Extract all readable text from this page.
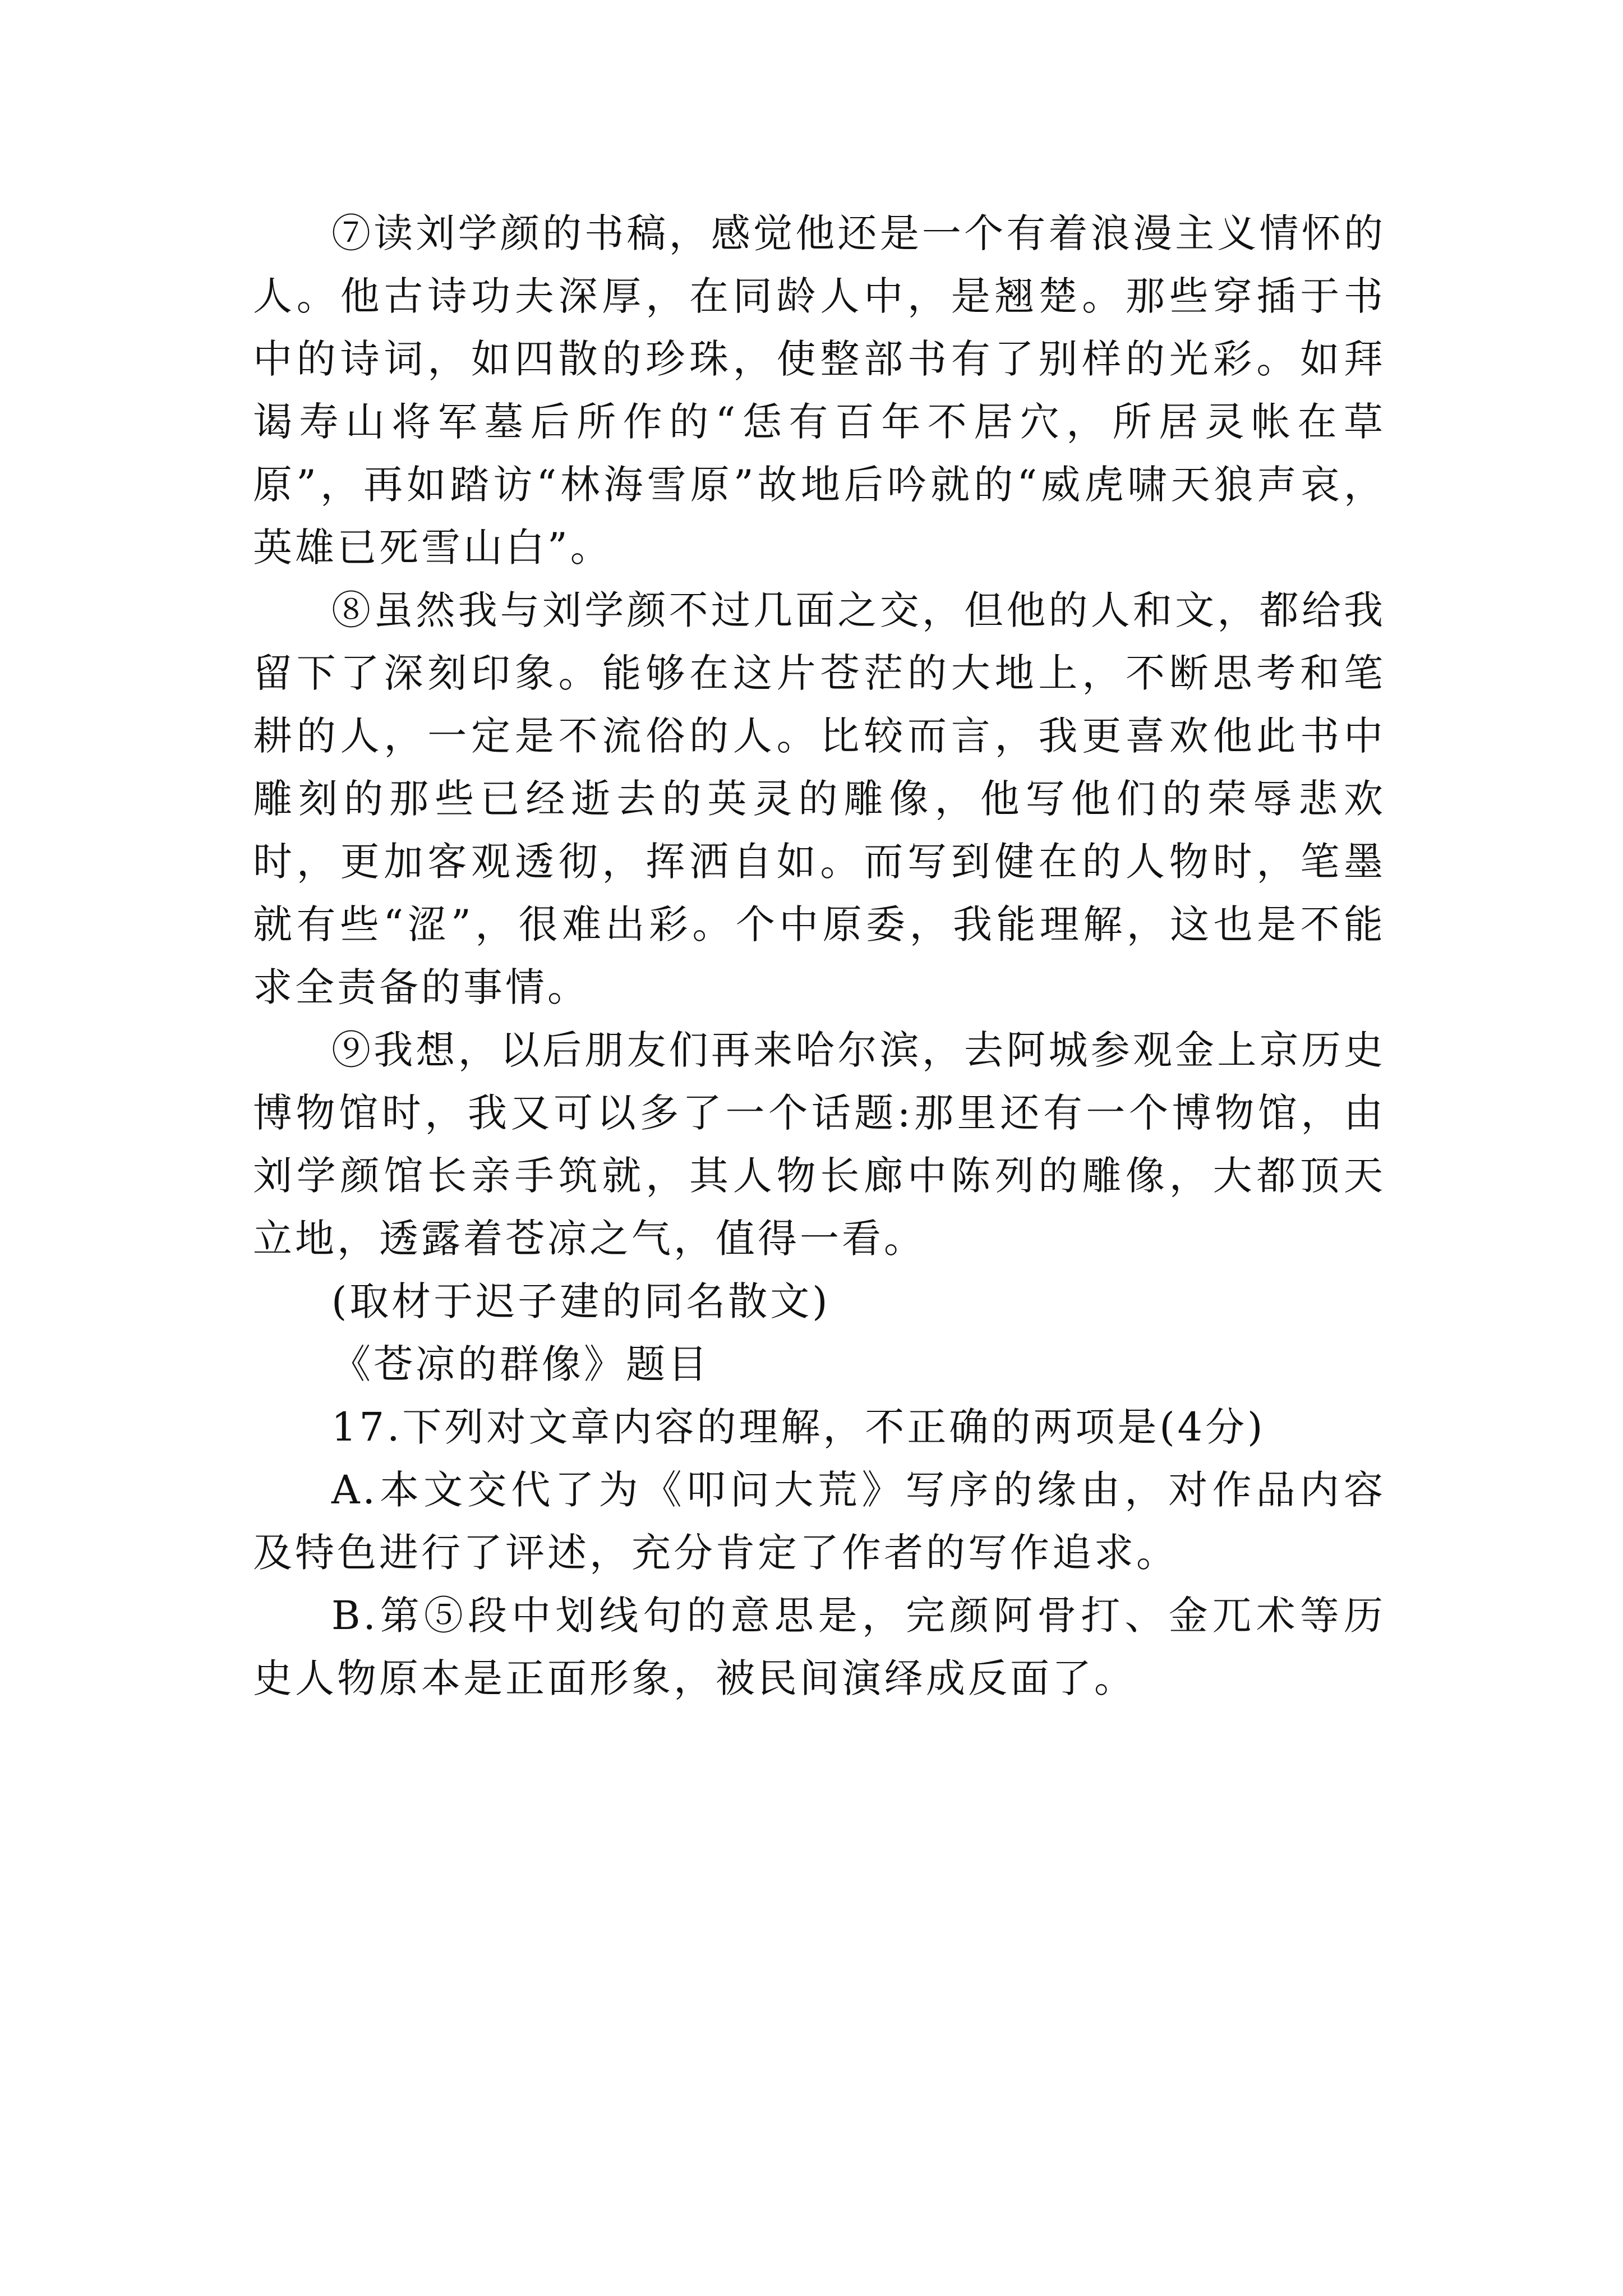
⑦读刘学颜的书稿，感觉他还是一个有着浪漫主义情怀的人。他古诗功夫深厚，在同龄人中，是翘楚。那些穿插于书中的诗词，如四散的珍珠，使整部书有了别样的光彩。如拜谒寿山将军墓后所作的“恁有百年不居穴，所居灵帐在草原”，再如踏访“林海雪原”故地后吟就的“威虎啸天狼声哀，英雄已死雪山白”。

⑧虽然我与刘学颜不过几面之交，但他的人和文，都给我留下了深刻印象。能够在这片苍茫的大地上，不断思考和笔耕的人，一定是不流俗的人。比较而言，我更喜欢他此书中雕刻的那些已经逝去的英灵的雕像，他写他们的荣辱悲欢时，更加客观透彻，挥洒自如。而写到健在的人物时，笔墨就有些“涩”，很难出彩。个中原委，我能理解，这也是不能求全责备的事情。

⑨我想，以后朋友们再来哈尔滨，去阿城参观金上京历史博物馆时，我又可以多了一个话题:那里还有一个博物馆，由刘学颜馆长亲手筑就，其人物长廊中陈列的雕像，大都顶天立地，透露着苍凉之气，值得一看。

(取材于迟子建的同名散文)

《苍凉的群像》题目

17.下列对文章内容的理解，不正确的两项是(4分)

A.本文交代了为《叩问大荒》写序的缘由，对作品内容及特色进行了评述，充分肯定了作者的写作追求。

B.第⑤段中划线句的意思是，完颜阿骨打、金兀术等历史人物原本是正面形象，被民间演绎成反面了。
